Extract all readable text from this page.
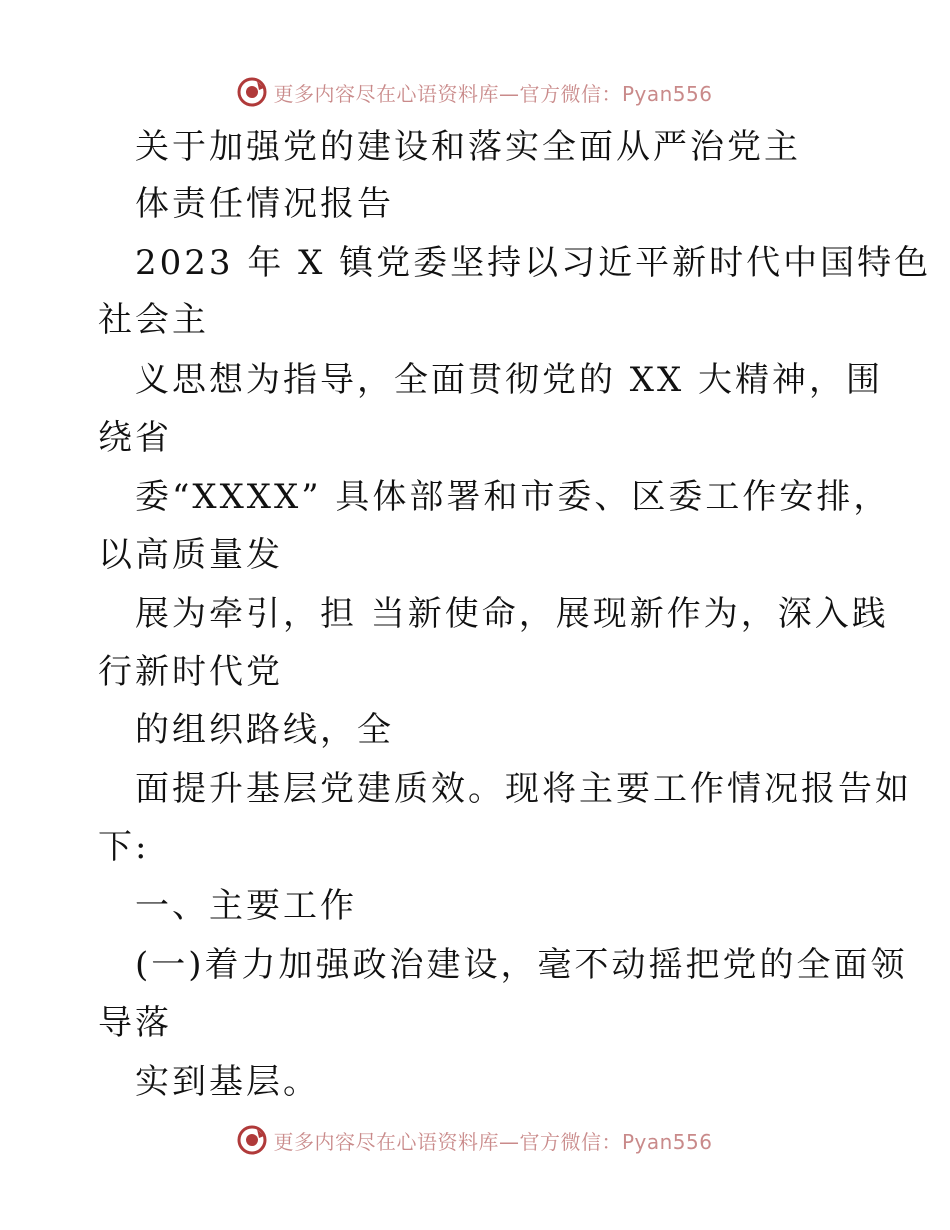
更多内容尽在心语资料库—官方微信：Pyan556
关于加强党的建设和落实全面从严治党主
体责任情况报告
2023 年 X 镇党委坚持以习近平新时代中国特色
社会主
义思想为指导，全面贯彻党的 XX 大精神，围
绕省
委“XXXX” 具体部署和市委、区委工作安排，
以高质量发
展为牵引，担 当新使命，展现新作为，深入践
行新时代党
的组织路线，全
面提升基层党建质效。现将主要工作情况报告如
下:
一、主要工作
(一)着力加强政治建设，毫不动摇把党的全面领
导落
实到基层。
更多内容尽在心语资料库—官方微信：Pyan556
